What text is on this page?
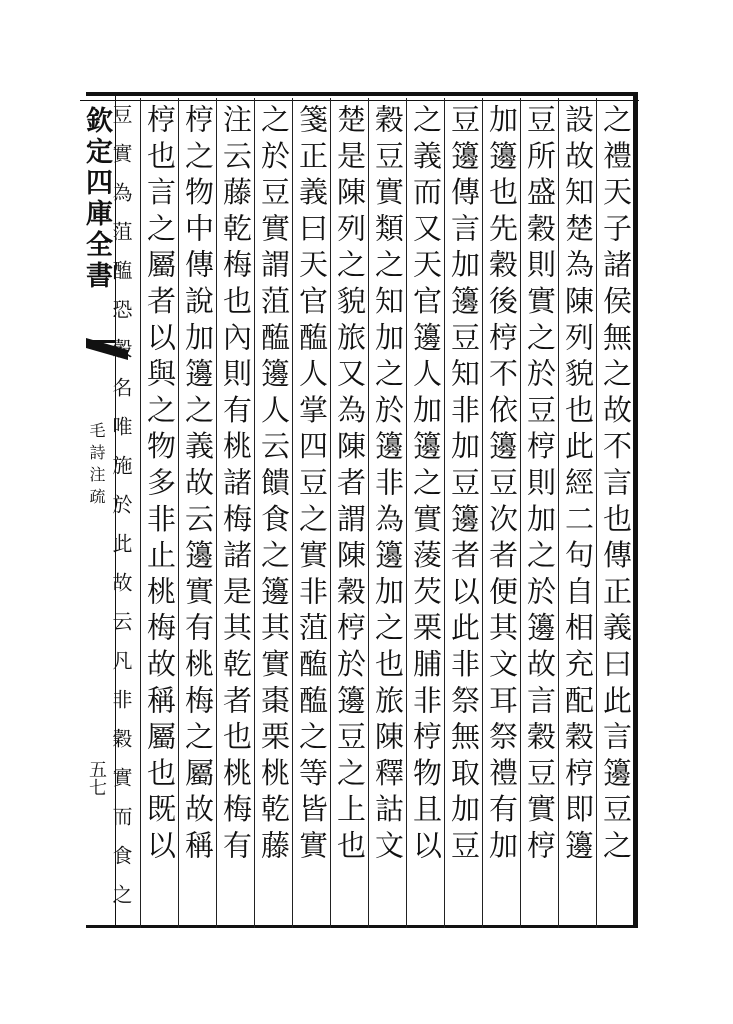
欽定四庫全書
毛詩注疏
五七	之禮天子諸侯無之故不言也傳正義曰此言籩豆之
設故知楚為陳列貌也此經二句自相充配穀梈即籩
豆所盛穀則實之於豆梈則加之於籩故言穀豆實梈
加籩也先穀後梈不依籩豆次者便其文耳祭禮有加
豆籩傳言加籩豆知非加豆籩者以此非祭無取加豆
之義而又天官籩人加籩之實蔆芡栗脯非梈物且以
穀豆實類之知加之於籩非為籩加之也旅陳釋詁文
楚是陳列之貌旅又為陳者謂陳穀梈於籩豆之上也
箋正義曰天官醢人掌四豆之實非菹醢醢之等皆實
之於豆實謂菹醢籩人云饋食之籩其實棗栗桃乾藤
注云藤乾梅也內則有桃諸梅諸是其乾者也桃梅有
梈之物中傳說加籩之義故云籩實有桃梅之屬故稱
梈也言之屬者以與之物多非止桃梅故稱屬也既以
豆實為菹醢恐穀名唯施於此故云凡非穀實而食之
